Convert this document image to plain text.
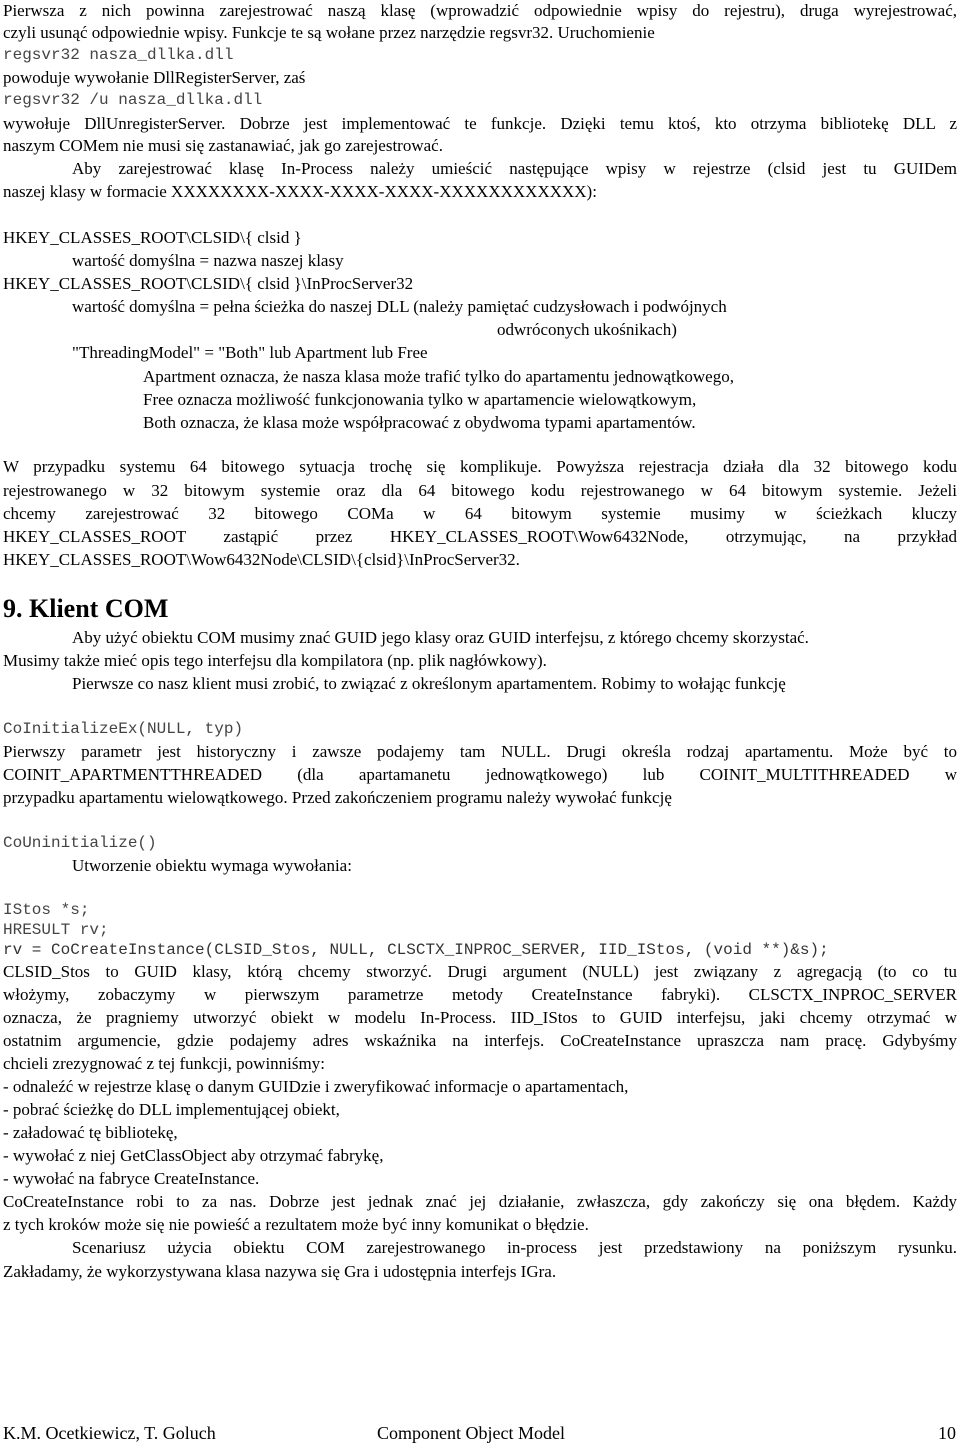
Pierwsza z nich powinna zarejestrować naszą klasę (wprowadzić odpowiednie wpisy do rejestru), druga wyrejestrować,
czyli usunąć odpowiednie wpisy. Funkcje te są wołane przez narzędzie regsvr32. Uruchomienie
regsvr32 nasza_dllka.dll
powoduje wywołanie DllRegisterServer, zaś
regsvr32 /u nasza_dllka.dll
wywołuje DllUnregisterServer. Dobrze jest implementować te funkcje. Dzięki temu ktoś, kto otrzyma bibliotekę DLL z
naszym COMem nie musi się zastanawiać, jak go zarejestrować.
Aby zarejestrować klasę In-Process należy umieścić następujące wpisy w rejestrze (clsid jest tu GUIDem
naszej klasy w formacie XXXXXXXX-XXXX-XXXX-XXXX-XXXXXXXXXXXX):
HKEY_CLASSES_ROOT\CLSID\{ clsid }
wartość domyślna = nazwa naszej klasy
HKEY_CLASSES_ROOT\CLSID\{ clsid }\InProcServer32
wartość domyślna = pełna ścieżka do naszej DLL (należy pamiętać cudzysłowach i podwójnych
odwróconych ukośnikach)
"ThreadingModel" = "Both" lub Apartment lub Free
Apartment oznacza, że nasza klasa może trafić tylko do apartamentu jednowątkowego,
Free oznacza możliwość funkcjonowania tylko w apartamencie wielowątkowym,
Both oznacza, że klasa może współpracować z obydwoma typami apartamentów.
W przypadku systemu 64 bitowego sytuacja trochę się komplikuje. Powyższa rejestracja działa dla 32 bitowego kodu
rejestrowanego w 32 bitowym systemie oraz dla 64 bitowego kodu rejestrowanego w 64 bitowym systemie. Jeżeli
chcemy zarejestrować 32 bitowego COMa w 64 bitowym systemie musimy w ścieżkach kluczy
HKEY_CLASSES_ROOT zastąpić przez HKEY_CLASSES_ROOT\Wow6432Node, otrzymując, na przykład
HKEY_CLASSES_ROOT\Wow6432Node\CLSID\{clsid}\InProcServer32.
9. Klient COM
Aby użyć obiektu COM musimy znać GUID jego klasy oraz GUID interfejsu, z którego chcemy skorzystać.
Musimy także mieć opis tego interfejsu dla kompilatora (np. plik nagłówkowy).
Pierwsze co nasz klient musi zrobić, to związać z określonym apartamentem. Robimy to wołając funkcję
CoInitializeEx(NULL, typ)
Pierwszy parametr jest historyczny i zawsze podajemy tam NULL. Drugi określa rodzaj apartamentu. Może być to
COINIT_APARTMENTTHREADED (dla apartamanetu jednowątkowego) lub COINIT_MULTITHREADED w
przypadku apartamentu wielowątkowego. Przed zakończeniem programu należy wywołać funkcję
CoUninitialize()
Utworzenie obiektu wymaga wywołania:
IStos *s;
HRESULT rv;
rv = CoCreateInstance(CLSID_Stos, NULL, CLSCTX_INPROC_SERVER, IID_IStos, (void **)&s);
CLSID_Stos to GUID klasy, którą chcemy stworzyć. Drugi argument (NULL) jest związany z agregacją (to co tu
włożymy, zobaczymy w pierwszym parametrze metody CreateInstance fabryki). CLSCTX_INPROC_SERVER
oznacza, że pragniemy utworzyć obiekt w modelu In-Process. IID_IStos to GUID interfejsu, jaki chcemy otrzymać w
ostatnim argumencie, gdzie podajemy adres wskaźnika na interfejs. CoCreateInstance upraszcza nam pracę. Gdybyśmy
chcieli zrezygnować z tej funkcji, powinniśmy:
- odnaleźć w rejestrze klasę o danym GUIDzie i zweryfikować informacje o apartamentach,
- pobrać ścieżkę do DLL implementującej obiekt,
- załadować tę bibliotekę,
- wywołać z niej GetClassObject aby otrzymać fabrykę,
- wywołać na fabryce CreateInstance.
CoCreateInstance robi to za nas. Dobrze jest jednak znać jej działanie, zwłaszcza, gdy zakończy się ona błędem. Każdy
z tych kroków może się nie powieść a rezultatem może być inny komunikat o błędzie.
Scenariusz użycia obiektu COM zarejestrowanego in-process jest przedstawiony na poniższym rysunku.
Zakładamy, że wykorzystywana klasa nazywa się Gra i udostępnia interfejs IGra.
K.M. Ocetkiewicz, T. Goluch	Component Object Model	10
